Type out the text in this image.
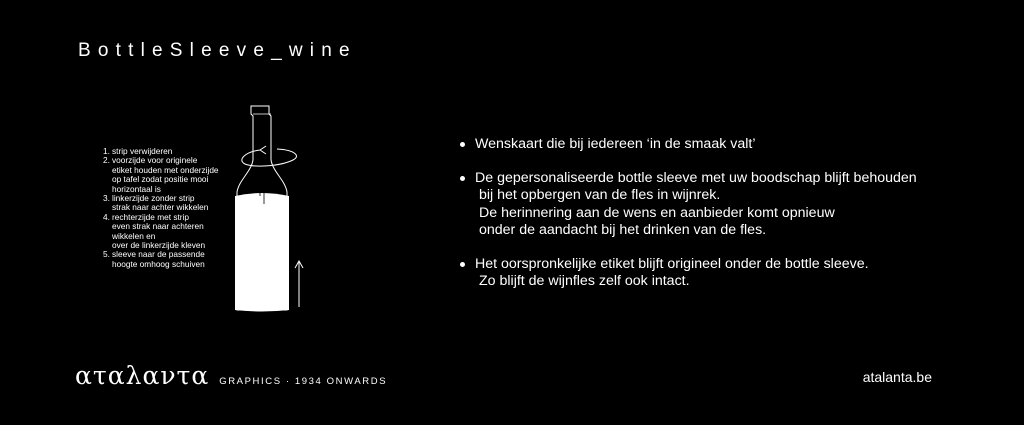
BottleSleeve_wine
1. strip verwijderen
2. voorzijde voor originele
etiket houden met onderzijde
op tafel zodat positie mooi
horizontaal is
3. linkerzijde zonder strip
strak naar achter wikkelen
4. rechterzijde met strip
even strak naar achteren
wikkelen en
over de linkerzijde kleven
5. sleeve naar de passende
hoogte omhoog schuiven
Wenskaart die bij iedereen ‘in de smaak valt’
De gepersonaliseerde bottle sleeve met uw boodschap blijft behouden
bij het opbergen van de fles in wijnrek.
De herinnering aan de wens en aanbieder komt opnieuw
onder de aandacht bij het drinken van de fles.
Het oorspronkelijke etiket blijft origineel onder de bottle sleeve.
Zo blijft de wijnfles zelf ook intact.
αταλαντα GRAPHICS · 1934 ONWARDS	atalanta.be
